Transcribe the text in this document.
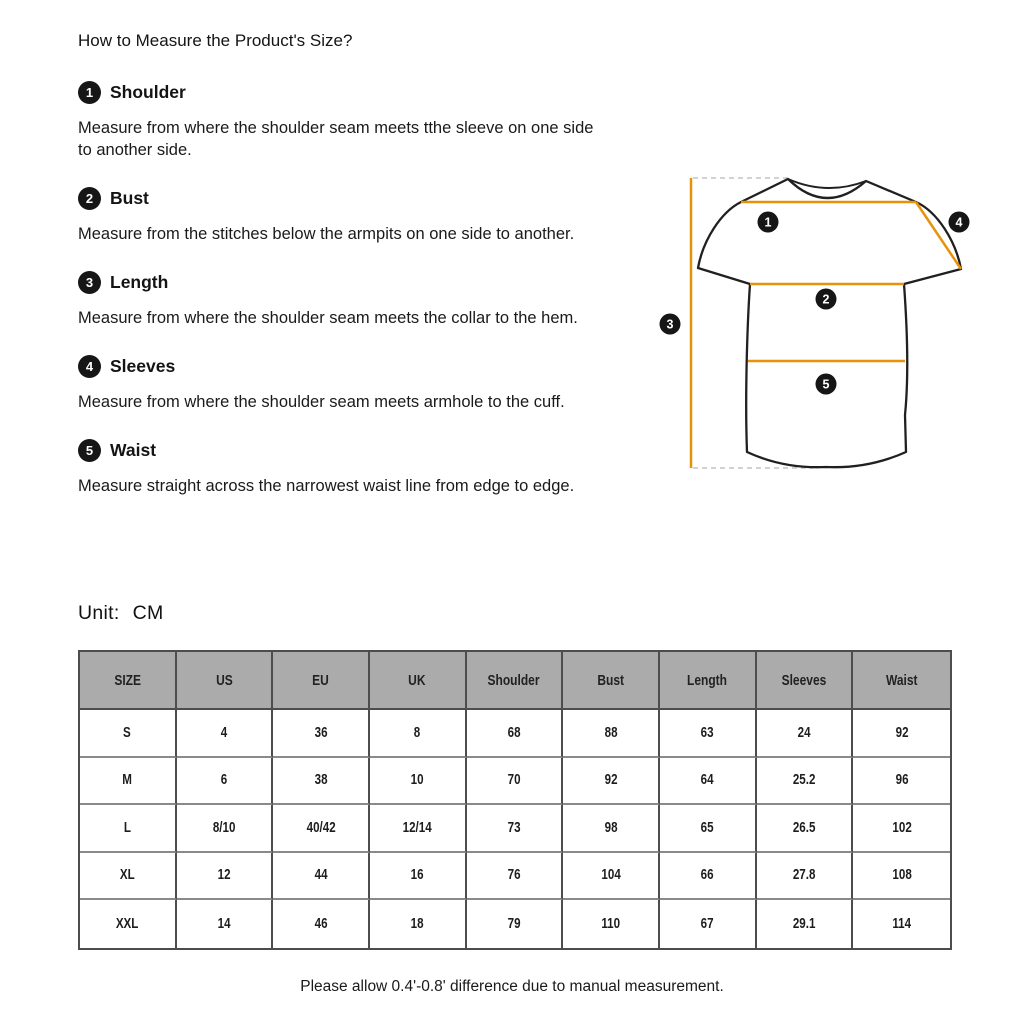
How to Measure the Product's Size?
1 Shoulder

Measure from where the shoulder seam meets tthe sleeve on one side to another side.

2 Bust

Measure from the stitches below the armpits on one side to another.

3 Length

Measure from where the shoulder seam meets the collar to the hem.

4 Sleeves

Measure from where the shoulder seam meets armhole to the cuff.

5 Waist

Measure straight across the narrowest waist line from edge to edge.

Unit: CM
1
2
3
4
5
SIZE	US	EU	UK	Shoulder	Bust	Length	Sleeves	Waist
S	4	36	8	68	88	63	24	92
M	6	38	10	70	92	64	25.2	96
L	8/10	40/42	12/14	73	98	65	26.5	102
XL	12	44	16	76	104	66	27.8	108
XXL	14	46	18	79	110	67	29.1	114
Please allow 0.4'-0.8' difference due to manual measurement.
